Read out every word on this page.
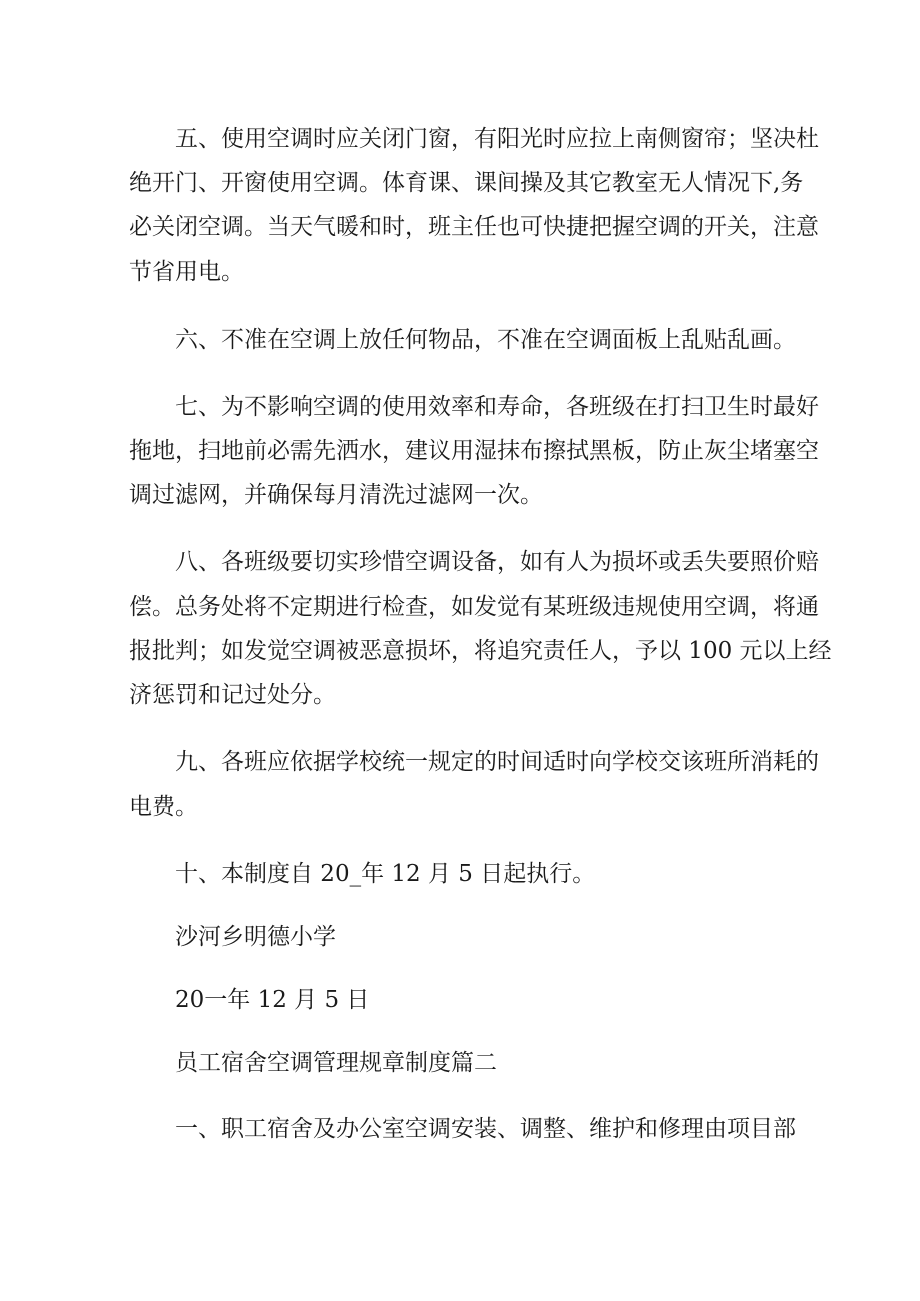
五、使用空调时应关闭门窗，有阳光时应拉上南侧窗帘；坚决杜

绝开门、开窗使用空调。体育课、课间操及其它教室无人情况下,务

必关闭空调。当天气暖和时，班主任也可快捷把握空调的开关，注意

节省用电。

六、不准在空调上放任何物品，不准在空调面板上乱贴乱画。

七、为不影响空调的使用效率和寿命，各班级在打扫卫生时最好

拖地，扫地前必需先洒水，建议用湿抹布擦拭黑板，防止灰尘堵塞空

调过滤网，并确保每月清洗过滤网一次。

八、各班级要切实珍惜空调设备，如有人为损坏或丢失要照价赔

偿。总务处将不定期进行检查，如发觉有某班级违规使用空调，将通

报批判；如发觉空调被恶意损坏，将追究责任人，予以 100 元以上经

济惩罚和记过处分。

九、各班应依据学校统一规定的时间适时向学校交该班所消耗的

电费。

十、本制度自 20_年 12 月 5 日起执行。

沙河乡明德小学

20一年 12 月 5 日

员工宿舍空调管理规章制度篇二

一、职工宿舍及办公室空调安装、调整、维护和修理由项目部
